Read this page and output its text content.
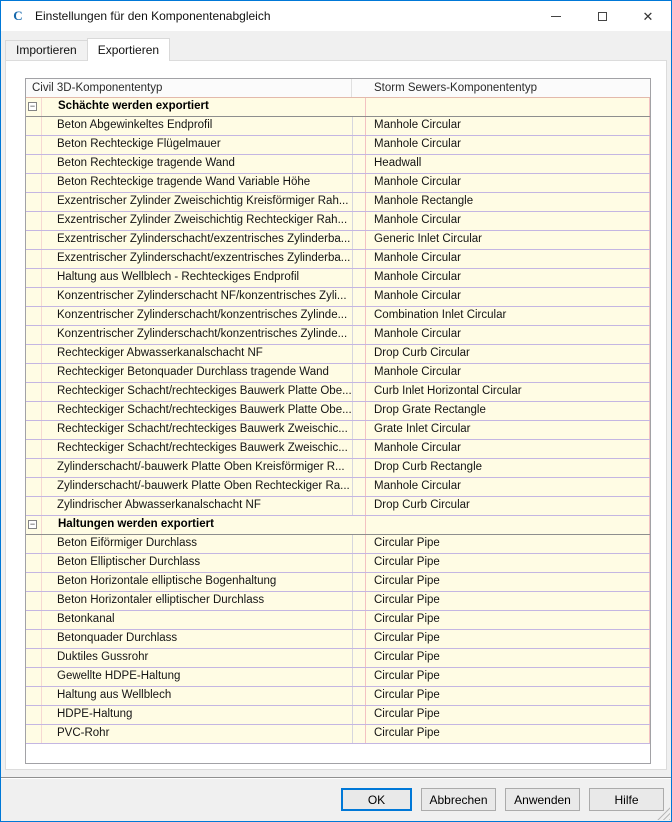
C Einstellungen für den Komponentenabgleich	✕
Importieren	Exportieren
Civil 3D-Komponententyp	Storm Sewers-Komponententyp
−	Schächte werden exportiert
Beton Abgewinkeltes Endprofil	Manhole Circular
Beton Rechteckige Flügelmauer	Manhole Circular
Beton Rechteckige tragende Wand	Headwall
Beton Rechteckige tragende Wand Variable Höhe	Manhole Circular
Exzentrischer Zylinder Zweischichtig Kreisförmiger Rah...	Manhole Rectangle
Exzentrischer Zylinder Zweischichtig Rechteckiger Rah...	Manhole Circular
Exzentrischer Zylinderschacht/exzentrisches Zylinderba...	Generic Inlet Circular
Exzentrischer Zylinderschacht/exzentrisches Zylinderba...	Manhole Circular
Haltung aus Wellblech - Rechteckiges Endprofil	Manhole Circular
Konzentrischer Zylinderschacht NF/konzentrisches Zyli...	Manhole Circular
Konzentrischer Zylinderschacht/konzentrisches Zylinde...	Combination Inlet Circular
Konzentrischer Zylinderschacht/konzentrisches Zylinde...	Manhole Circular
Rechteckiger Abwasserkanalschacht NF	Drop Curb Circular
Rechteckiger Betonquader Durchlass tragende Wand	Manhole Circular
Rechteckiger Schacht/rechteckiges Bauwerk Platte Obe...	Curb Inlet Horizontal Circular
Rechteckiger Schacht/rechteckiges Bauwerk Platte Obe...	Drop Grate Rectangle
Rechteckiger Schacht/rechteckiges Bauwerk Zweischic...	Grate Inlet Circular
Rechteckiger Schacht/rechteckiges Bauwerk Zweischic...	Manhole Circular
Zylinderschacht/-bauwerk Platte Oben Kreisförmiger R...	Drop Curb Rectangle
Zylinderschacht/-bauwerk Platte Oben Rechteckiger Ra...	Manhole Circular
Zylindrischer Abwasserkanalschacht NF	Drop Curb Circular
−	Haltungen werden exportiert
Beton Eiförmiger Durchlass	Circular Pipe
Beton Elliptischer Durchlass	Circular Pipe
Beton Horizontale elliptische Bogenhaltung	Circular Pipe
Beton Horizontaler elliptischer Durchlass	Circular Pipe
Betonkanal	Circular Pipe
Betonquader Durchlass	Circular Pipe
Duktiles Gussrohr	Circular Pipe
Gewellte HDPE-Haltung	Circular Pipe
Haltung aus Wellblech	Circular Pipe
HDPE-Haltung	Circular Pipe
PVC-Rohr	Circular Pipe
OK	Abbrechen	Anwenden	Hilfe
